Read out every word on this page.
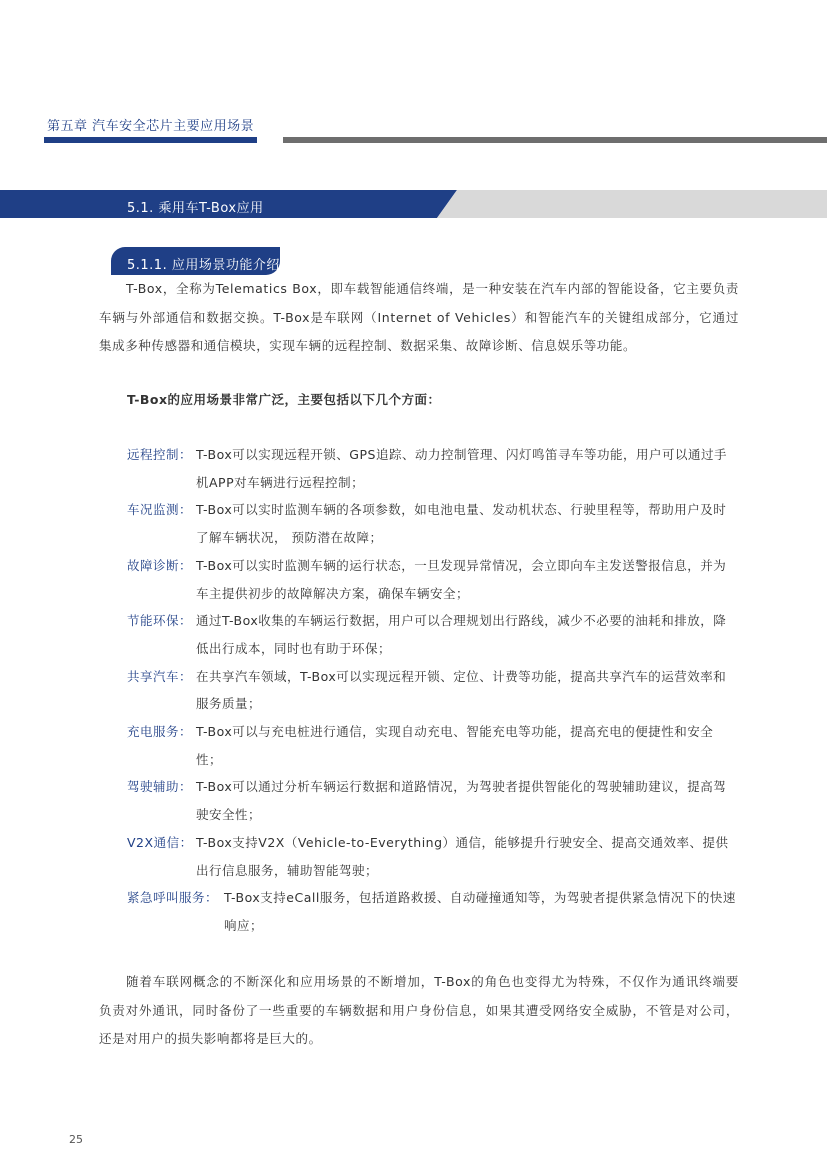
第五章 汽车安全芯片主要应用场景
5.1. 乘用车T-Box应用
5.1.1. 应用场景功能介绍

T-Box，全称为Telematics Box，即车载智能通信终端，是一种安装在汽车内部的智能设备，它主要负责车辆与外部通信和数据交换。T-Box是车联网（Internet of Vehicles）和智能汽车的关键组成部分，它通过集成多种传感器和通信模块，实现车辆的远程控制、数据采集、故障诊断、信息娱乐等功能。

T-Box的应用场景非常广泛，主要包括以下几个方面：
远程控制： T-Box可以实现远程开锁、GPS追踪、动力控制管理、闪灯鸣笛寻车等功能，用户可以通过手机APP对车辆进行远程控制；
车况监测： T-Box可以实时监测车辆的各项参数，如电池电量、发动机状态、行驶里程等，帮助用户及时了解车辆状况， 预防潜在故障；
故障诊断： T-Box可以实时监测车辆的运行状态，一旦发现异常情况，会立即向车主发送警报信息，并为车主提供初步的故障解决方案，确保车辆安全；
节能环保： 通过T-Box收集的车辆运行数据，用户可以合理规划出行路线，减少不必要的油耗和排放，降低出行成本，同时也有助于环保；
共享汽车： 在共享汽车领域，T-Box可以实现远程开锁、定位、计费等功能，提高共享汽车的运营效率和服务质量；
充电服务： T-Box可以与充电桩进行通信，实现自动充电、智能充电等功能，提高充电的便捷性和安全性；
驾驶辅助： T-Box可以通过分析车辆运行数据和道路情况，为驾驶者提供智能化的驾驶辅助建议，提高驾驶安全性；
V2X通信： T-Box支持V2X（Vehicle-to-Everything）通信，能够提升行驶安全、提高交通效率、提供出行信息服务，辅助智能驾驶；
紧急呼叫服务： T-Box支持eCall服务，包括道路救援、自动碰撞通知等，为驾驶者提供紧急情况下的快速响应；

随着车联网概念的不断深化和应用场景的不断增加，T-Box的角色也变得尤为特殊，不仅作为通讯终端要负责对外通讯，同时备份了一些重要的车辆数据和用户身份信息，如果其遭受网络安全威胁，不管是对公司，还是对用户的损失影响都将是巨大的。

25
